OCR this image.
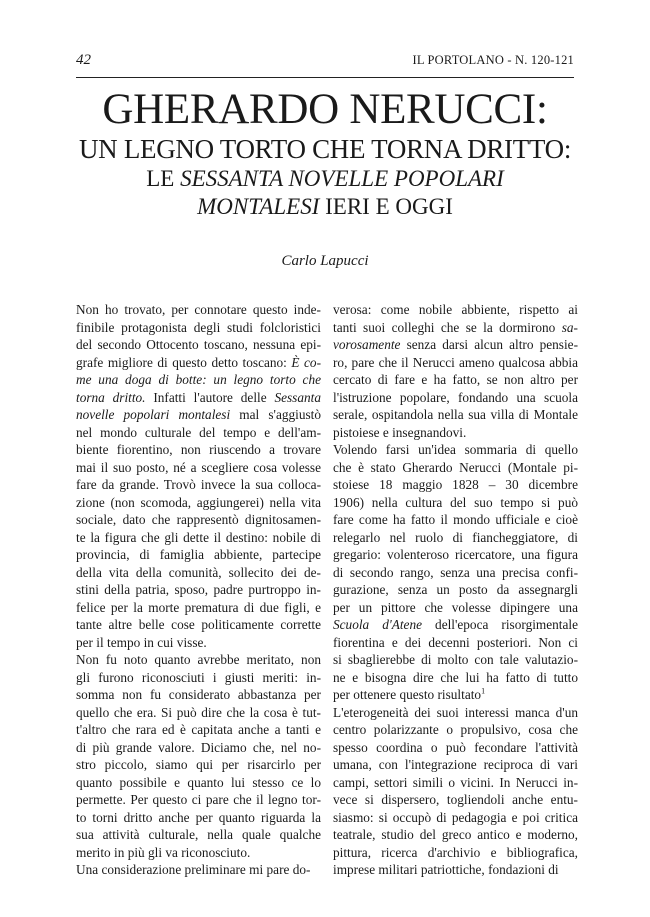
42	IL PORTOLANO - N. 120-121
GHERARDO NERUCCI:
UN LEGNO TORTO CHE TORNA DRITTO:
LE SESSANTA NOVELLE POPOLARI
MONTALESI IERI E OGGI
Carlo Lapucci
Non ho trovato, per connotare questo inde-
finibile protagonista degli studi folcloristici
del secondo Ottocento toscano, nessuna epi-
grafe migliore di questo detto toscano: È co-
me una doga di botte: un legno torto che
torna dritto. Infatti l'autore delle Sessanta
novelle popolari montalesi mal s'aggiustò
nel mondo culturale del tempo e dell'am-
biente fiorentino, non riuscendo a trovare
mai il suo posto, né a scegliere cosa volesse
fare da grande. Trovò invece la sua colloca-
zione (non scomoda, aggiungerei) nella vita
sociale, dato che rappresentò dignitosamen-
te la figura che gli dette il destino: nobile di
provincia, di famiglia abbiente, partecipe
della vita della comunità, sollecito dei de-
stini della patria, sposo, padre purtroppo in-
felice per la morte prematura di due figli, e
tante altre belle cose politicamente corrette
per il tempo in cui visse.
Non fu noto quanto avrebbe meritato, non
gli furono riconosciuti i giusti meriti: in-
somma non fu considerato abbastanza per
quello che era. Si può dire che la cosa è tut-
t'altro che rara ed è capitata anche a tanti e
di più grande valore. Diciamo che, nel no-
stro piccolo, siamo qui per risarcirlo per
quanto possibile e quanto lui stesso ce lo
permette. Per questo ci pare che il legno tor-
to torni dritto anche per quanto riguarda la
sua attività culturale, nella quale qualche
merito in più gli va riconosciuto.
Una considerazione preliminare mi pare do-
verosa: come nobile abbiente, rispetto ai
tanti suoi colleghi che se la dormirono sa-
vorosamente senza darsi alcun altro pensie-
ro, pare che il Nerucci ameno qualcosa abbia
cercato di fare e ha fatto, se non altro per
l'istruzione popolare, fondando una scuola
serale, ospitandola nella sua villa di Montale
pistoiese e insegnandovi.
Volendo farsi un'idea sommaria di quello
che è stato Gherardo Nerucci (Montale pi-
stoiese 18 maggio 1828 – 30 dicembre
1906) nella cultura del suo tempo si può
fare come ha fatto il mondo ufficiale e cioè
relegarlo nel ruolo di fiancheggiatore, di
gregario: volenteroso ricercatore, una figura
di secondo rango, senza una precisa confi-
gurazione, senza un posto da assegnargli
per un pittore che volesse dipingere una
Scuola d'Atene dell'epoca risorgimentale
fiorentina e dei decenni posteriori. Non ci
si sbaglierebbe di molto con tale valutazio-
ne e bisogna dire che lui ha fatto di tutto
per ottenere questo risultato$^1$
L'eterogeneità dei suoi interessi manca d'un
centro polarizzante o propulsivo, cosa che
spesso coordina o può fecondare l'attività
umana, con l'integrazione reciproca di vari
campi, settori simili o vicini. In Nerucci in-
vece si dispersero, togliendoli anche entu-
siasmo: si occupò di pedagogia e poi critica
teatrale, studio del greco antico e moderno,
pittura, ricerca d'archivio e bibliografica,
imprese militari patriottiche, fondazioni di
